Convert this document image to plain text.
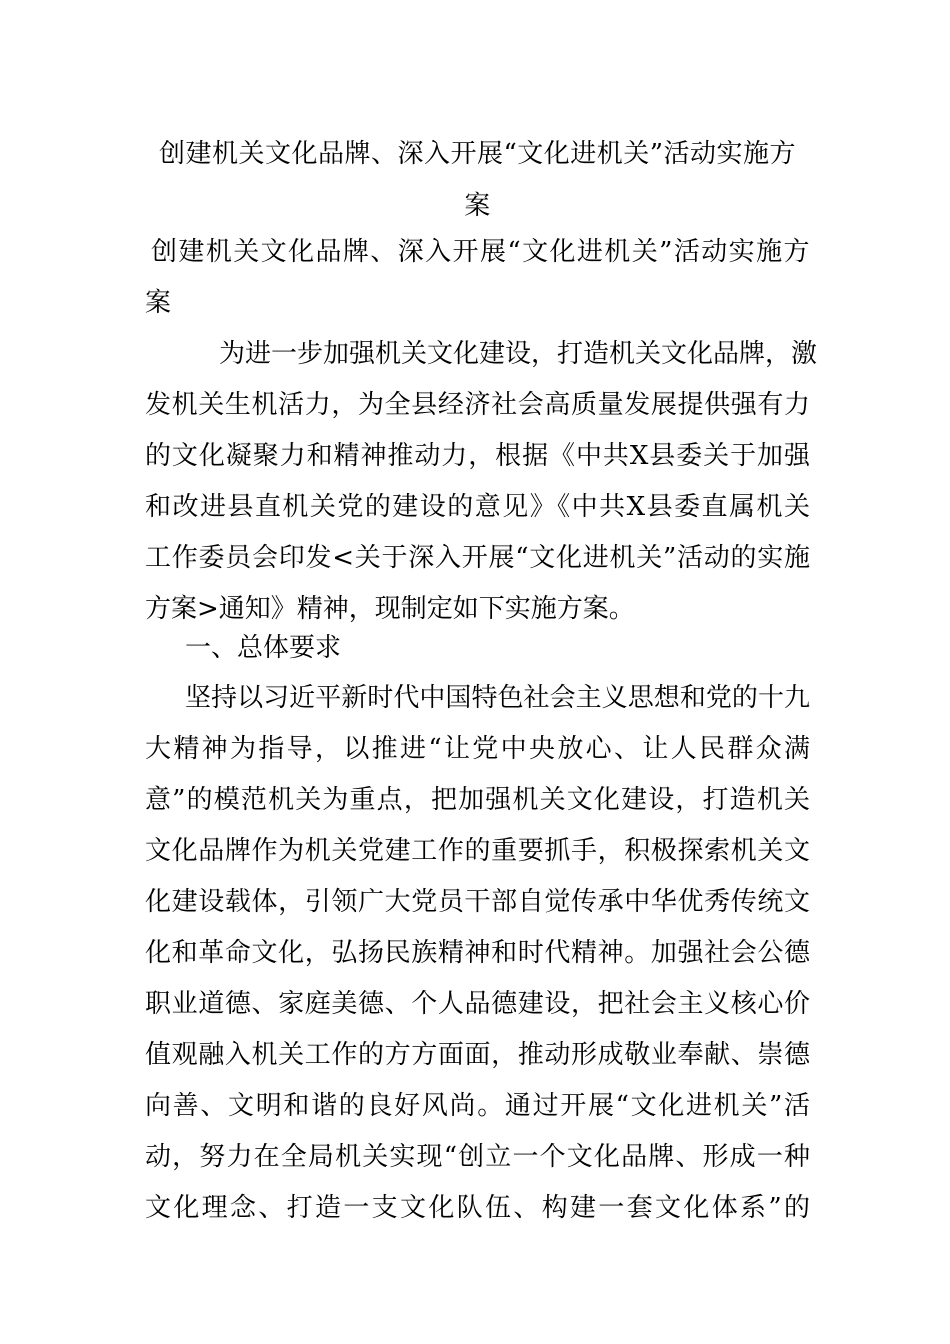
创建机关文化品牌、深入开展“文化进机关”活动实施方
案
创建机关文化品牌、深入开展“文化进机关”活动实施方
案
为进一步加强机关文化建设，打造机关文化品牌，激
发机关生机活力，为全县经济社会高质量发展提供强有力
的文化凝聚力和精神推动力，根据《中共X县委关于加强
和改进县直机关党的建设的意见》《中共X县委直属机关
工作委员会印发<关于深入开展“文化进机关”活动的实施
方案>通知》精神，现制定如下实施方案。
一、总体要求
坚持以习近平新时代中国特色社会主义思想和党的十九
大精神为指导，以推进“让党中央放心、让人民群众满
意”的模范机关为重点，把加强机关文化建设，打造机关
文化品牌作为机关党建工作的重要抓手，积极探索机关文
化建设载体，引领广大党员干部自觉传承中华优秀传统文
化和革命文化，弘扬民族精神和时代精神。加强社会公德
职业道德、家庭美德、个人品德建设，把社会主义核心价
值观融入机关工作的方方面面，推动形成敬业奉献、崇德
向善、文明和谐的良好风尚。通过开展“文化进机关”活
动，努力在全局机关实现“创立一个文化品牌、形成一种
文化理念、打造一支文化队伍、构建一套文化体系”的
